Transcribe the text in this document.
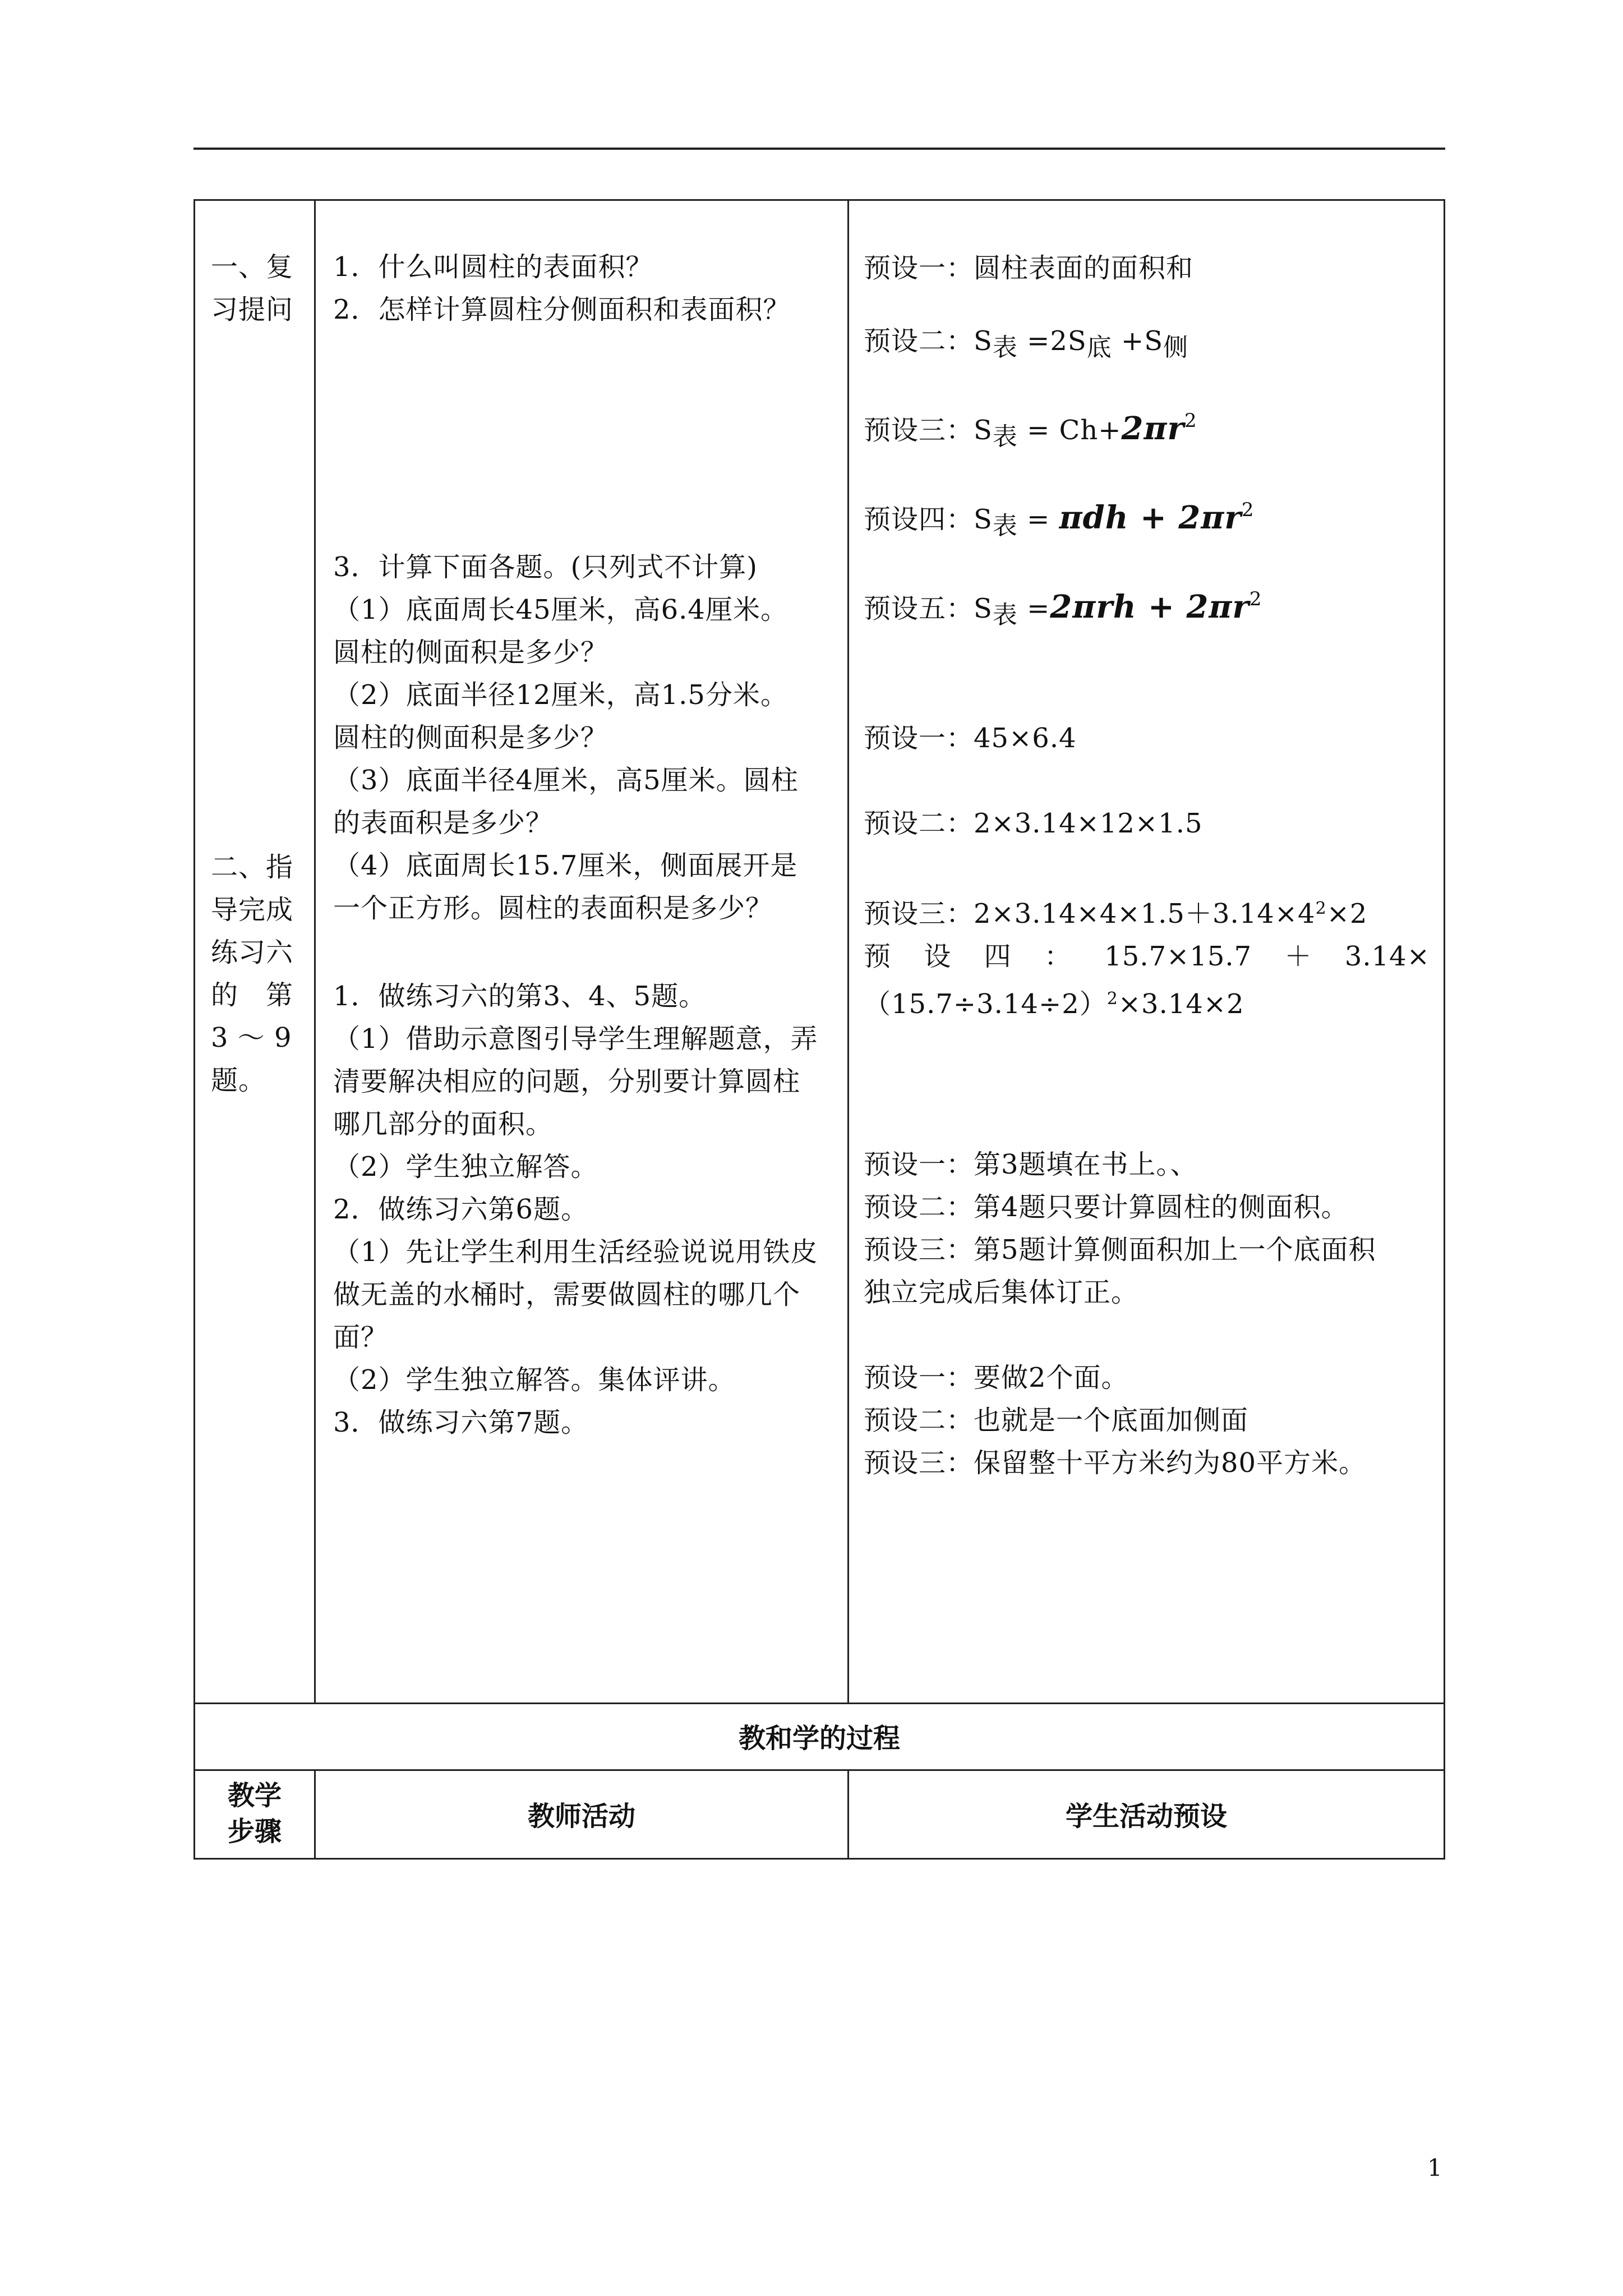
一、复
习提问
二、指
导完成
练习六
的　第
3 ～ 9
题。
1．什么叫圆柱的表面积？
2．怎样计算圆柱分侧面积和表面积？
3．计算下面各题。(只列式不计算)
（1）底面周长45厘米，高6.4厘米。
圆柱的侧面积是多少？
（2）底面半径12厘米，高1.5分米。
圆柱的侧面积是多少？
（3）底面半径4厘米，高5厘米。圆柱
的表面积是多少？
（4）底面周长15.7厘米，侧面展开是
一个正方形。圆柱的表面积是多少？
1．做练习六的第3、4、5题。
（1）借助示意图引导学生理解题意，弄
清要解决相应的问题，分别要计算圆柱
哪几部分的面积。
（2）学生独立解答。
2．做练习六第6题。
（1）先让学生利用生活经验说说用铁皮
做无盖的水桶时，需要做圆柱的哪几个
面？
（2）学生独立解答。集体评讲。
3．做练习六第7题。
预设一：圆柱表面的面积和
预设二：S表 =2S底 +S侧
预设三：S表 = $Ch+2\pi r^2$
预设四：S表 = $\pi dh + 2\pi r^2$
预设五：S表 $=2\pi rh + 2\pi r^2$
预设一：45×6.4
预设二：2×3.14×12×1.5
预设三：$2\times 3.14\times 4\times 1.5+3.14\times 4^2\times 2$
预 设 四 ： 15.7×15.7 ＋ 3.14×
$(15.7\div 3.14\div 2)^2\times 3.14\times 2$
预设一：第3题填在书上。、
预设二：第4题只要计算圆柱的侧面积。
预设三：第5题计算侧面积加上一个底面积
独立完成后集体订正。
预设一：要做2个面。
预设二：也就是一个底面加侧面
预设三：保留整十平方米约为80平方米。
教和学的过程
教学
步骤	教师活动	学生活动预设
1
